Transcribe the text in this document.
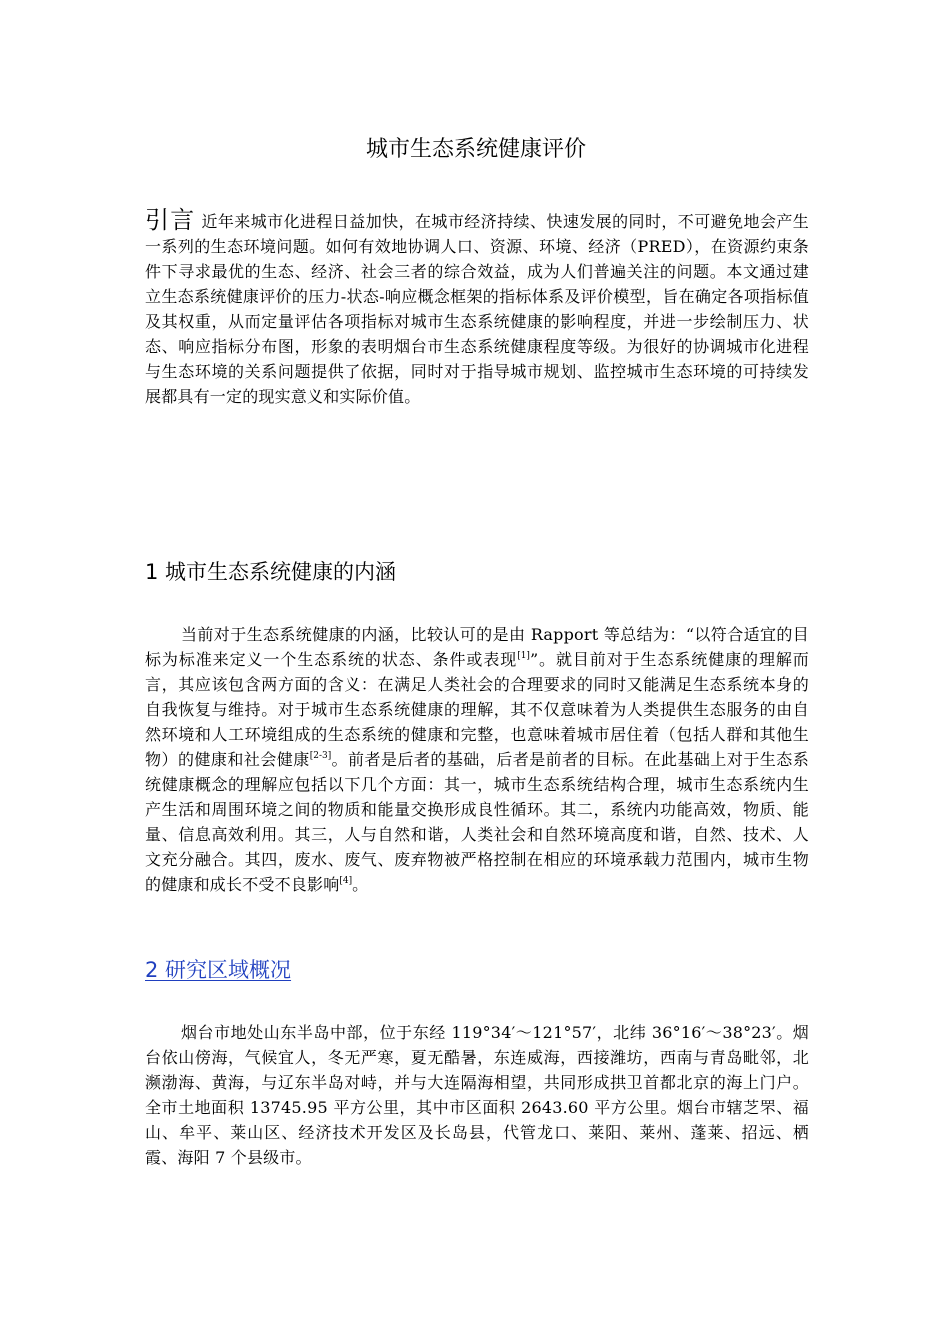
城市生态系统健康评价

引言 近年来城市化进程日益加快，在城市经济持续、快速发展的同时，不可避免地会产生一系列的生态环境问题。如何有效地协调人口、资源、环境、经济（PRED），在资源约束条件下寻求最优的生态、经济、社会三者的综合效益，成为人们普遍关注的问题。本文通过建立生态系统健康评价的压力-状态-响应概念框架的指标体系及评价模型，旨在确定各项指标值及其权重，从而定量评估各项指标对城市生态系统健康的影响程度，并进一步绘制压力、状态、响应指标分布图，形象的表明烟台市生态系统健康程度等级。为很好的协调城市化进程与生态环境的关系问题提供了依据，同时对于指导城市规划、监控城市生态环境的可持续发展都具有一定的现实意义和实际价值。

1 城市生态系统健康的内涵

当前对于生态系统健康的内涵，比较认可的是由 Rapport 等总结为：“以符合适宜的目标为标准来定义一个生态系统的状态、条件或表现[1]”。就目前对于生态系统健康的理解而言，其应该包含两方面的含义：在满足人类社会的合理要求的同时又能满足生态系统本身的自我恢复与维持。对于城市生态系统健康的理解，其不仅意味着为人类提供生态服务的由自然环境和人工环境组成的生态系统的健康和完整，也意味着城市居住着（包括人群和其他生物）的健康和社会健康[2-3]。前者是后者的基础，后者是前者的目标。在此基础上对于生态系统健康概念的理解应包括以下几个方面：其一，城市生态系统结构合理，城市生态系统内生产生活和周围环境之间的物质和能量交换形成良性循环。其二，系统内功能高效，物质、能量、信息高效利用。其三，人与自然和谐，人类社会和自然环境高度和谐，自然、技术、人文充分融合。其四，废水、废气、废弃物被严格控制在相应的环境承载力范围内，城市生物的健康和成长不受不良影响[4]。

2 研究区域概况

烟台市地处山东半岛中部，位于东经 119°34′～121°57′，北纬 36°16′～38°23′。烟台依山傍海，气候宜人，冬无严寒，夏无酷暑，东连威海，西接潍坊，西南与青岛毗邻，北濒渤海、黄海，与辽东半岛对峙，并与大连隔海相望，共同形成拱卫首都北京的海上门户。全市土地面积 13745.95 平方公里，其中市区面积 2643.60 平方公里。烟台市辖芝罘、福山、牟平、莱山区、经济技术开发区及长岛县，代管龙口、莱阳、莱州、蓬莱、招远、栖霞、海阳 7 个县级市。
